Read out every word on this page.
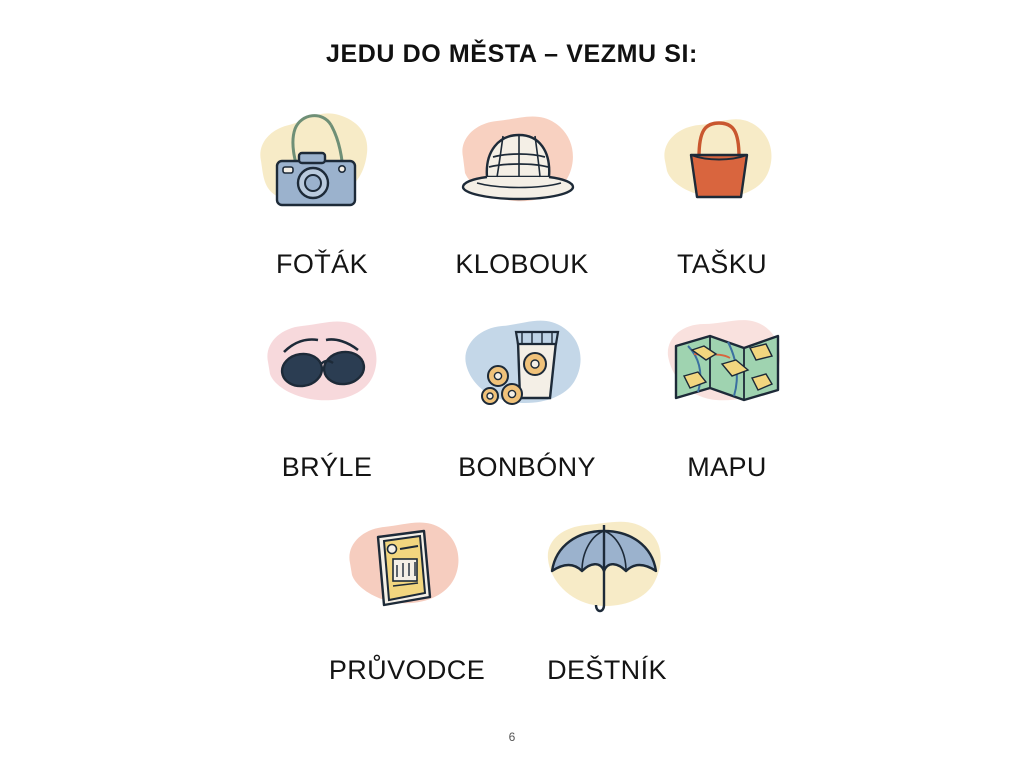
JEDU DO MĚSTA – VEZMU SI:
FOŤÁK	KLOBOUK	TAŠKU
BRÝLE	BONBÓNY	MAPU
PRŮVODCE DEŠTNÍK
6
